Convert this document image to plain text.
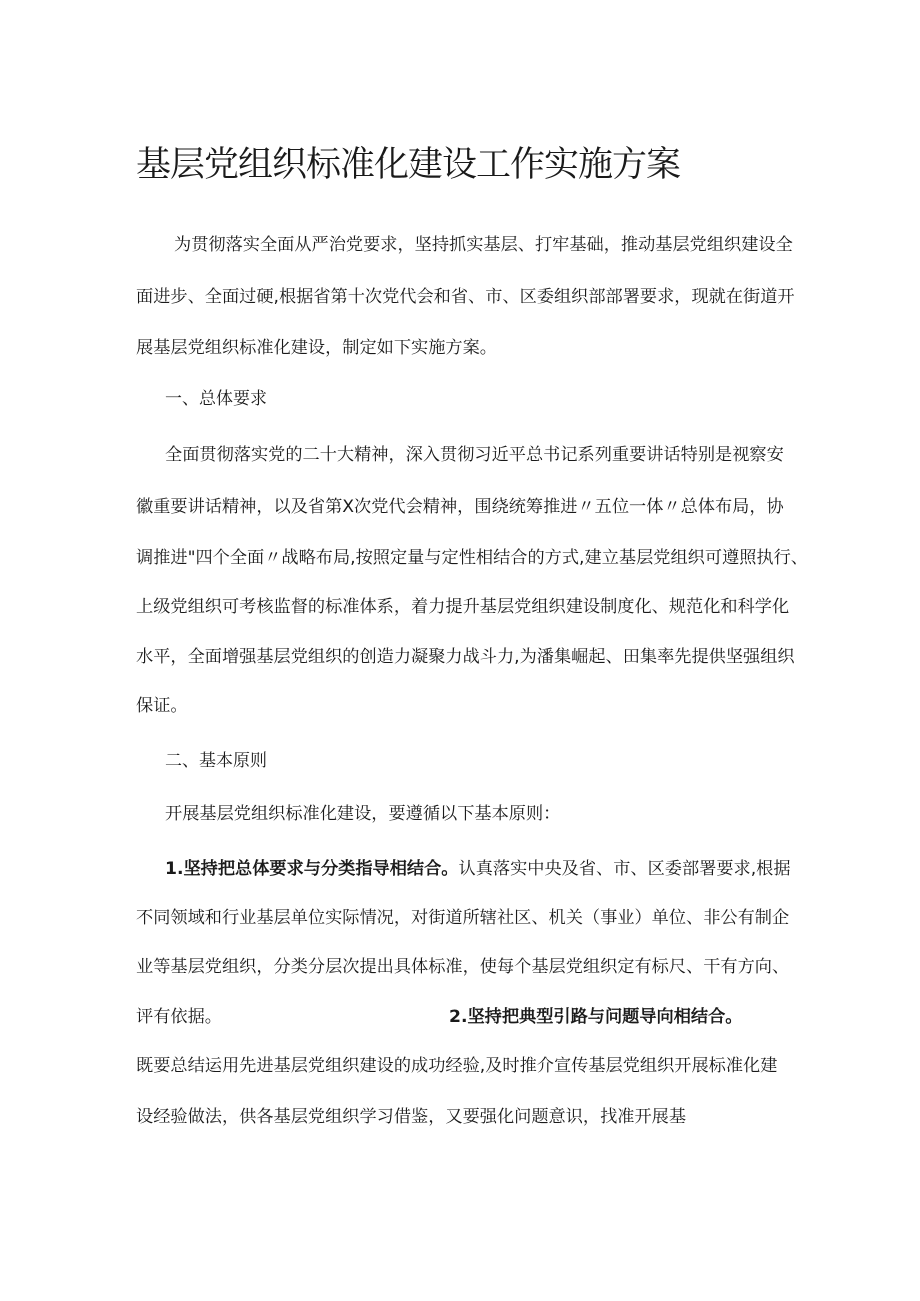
基层党组织标准化建设工作实施方案
为贯彻落实全面从严治党要求，坚持抓实基层、打牢基础，推动基层党组织建设全
面进步、全面过硬,根据省第十次党代会和省、市、区委组织部部署要求，现就在街道开
展基层党组织标准化建设，制定如下实施方案。
一、总体要求
全面贯彻落实党的二十大精神，深入贯彻习近平总书记系列重要讲话特别是视察安
徽重要讲话精神，以及省第X次党代会精神，围绕统筹推进〃五位一体〃总体布局，协
调推进"四个全面〃战略布局,按照定量与定性相结合的方式,建立基层党组织可遵照执行、
上级党组织可考核监督的标准体系，着力提升基层党组织建设制度化、规范化和科学化
水平，全面增强基层党组织的创造力凝聚力战斗力,为潘集崛起、田集率先提供坚强组织
保证。
二、基本原则
开展基层党组织标准化建设，要遵循以下基本原则：
1.坚持把总体要求与分类指导相结合。认真落实中央及省、市、区委部署要求,根据
不同领域和行业基层单位实际情况，对街道所辖社区、机关（事业）单位、非公有制企
业等基层党组织，分类分层次提出具体标准，使每个基层党组织定有标尺、干有方向、
评有依据。	2.坚持把典型引路与问题导向相结合。
既要总结运用先进基层党组织建设的成功经验,及时推介宣传基层党组织开展标准化建
设经验做法，供各基层党组织学习借鉴，又要强化问题意识，找准开展基
